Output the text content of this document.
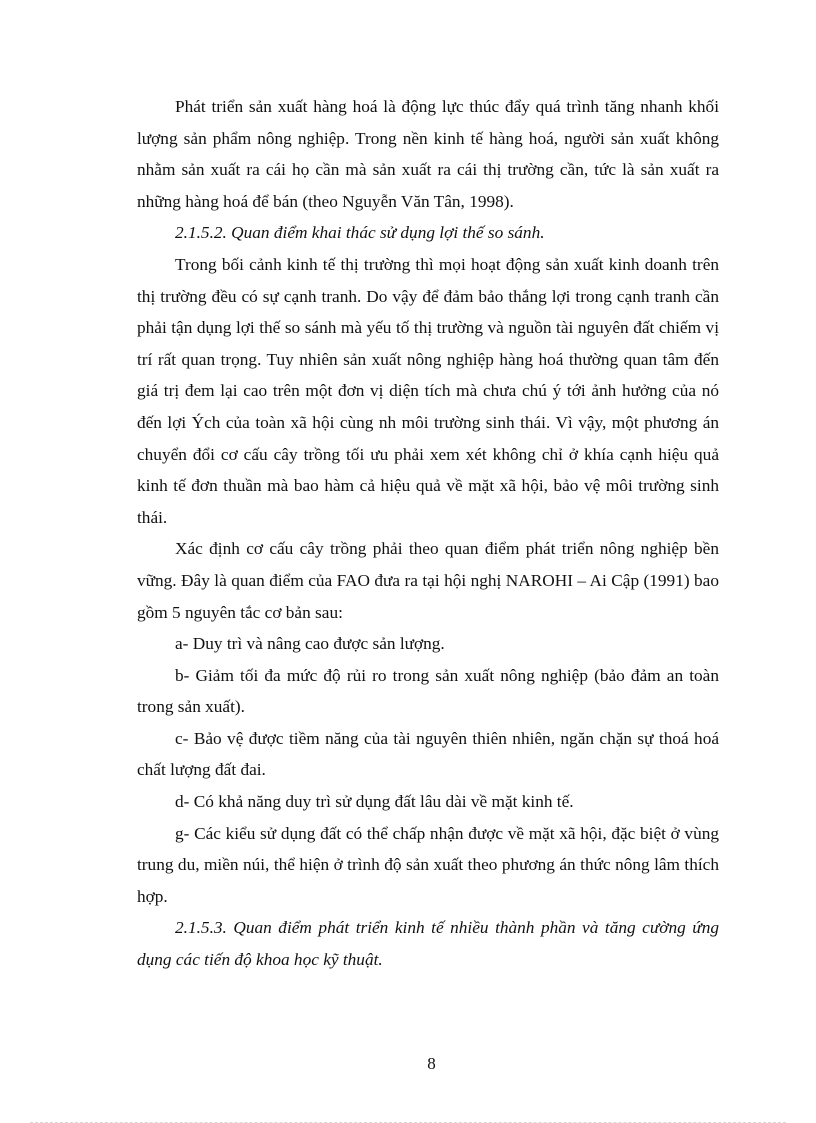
Phát triển sản xuất hàng hoá là động lực thúc đẩy quá trình tăng nhanh khối lượng sản phẩm nông nghiệp. Trong nền kinh tế hàng hoá, người sản xuất không nhằm sản xuất ra cái họ cần mà sản xuất ra cái thị trường cần, tức là sản xuất ra những hàng hoá để bán (theo Nguyễn Văn Tân, 1998).

2.1.5.2. Quan điểm khai thác sử dụng lợi thế so sánh.

Trong bối cảnh kinh tế thị trường thì mọi hoạt động sản xuất kinh doanh trên thị trường đều có sự cạnh tranh. Do vậy để đảm bảo thắng lợi trong cạnh tranh cần phải tận dụng lợi thế so sánh mà yếu tố thị trường và nguồn tài nguyên đất chiếm vị trí rất quan trọng. Tuy nhiên sản xuất nông nghiệp hàng hoá thường quan tâm đến giá trị đem lại cao trên một đơn vị diện tích mà chưa chú ý tới ảnh hưởng của nó đến lợi Ých của toàn xã hội cùng nh môi trường sinh thái. Vì vậy, một phương án chuyển đổi cơ cấu cây trồng tối ưu phải xem xét không chỉ ở khía cạnh hiệu quả kinh tế đơn thuần mà bao hàm cả hiệu quả về mặt xã hội, bảo vệ môi trường sinh thái.

Xác định cơ cấu cây trồng phải theo quan điểm phát triển nông nghiệp bền vững. Đây là quan điểm của FAO đưa ra tại hội nghị NAROHI – Ai Cập (1991) bao gồm 5 nguyên tắc cơ bản sau:

a- Duy trì và nâng cao được sản lượng.

b- Giảm tối đa mức độ rủi ro trong sản xuất nông nghiệp (bảo đảm an toàn trong sản xuất).

c- Bảo vệ được tiềm năng của tài nguyên thiên nhiên, ngăn chặn sự thoá hoá chất lượng đất đai.

d- Có khả năng duy trì sử dụng đất lâu dài về mặt kinh tế.

g- Các kiểu sử dụng đất có thể chấp nhận được về mặt xã hội, đặc biệt ở vùng trung du, miền núi, thể hiện ở trình độ sản xuất theo phương án thức nông lâm thích hợp.

2.1.5.3. Quan điểm phát triển kinh tế nhiều thành phần và tăng cường ứng dụng các tiến độ khoa học kỹ thuật.

8
